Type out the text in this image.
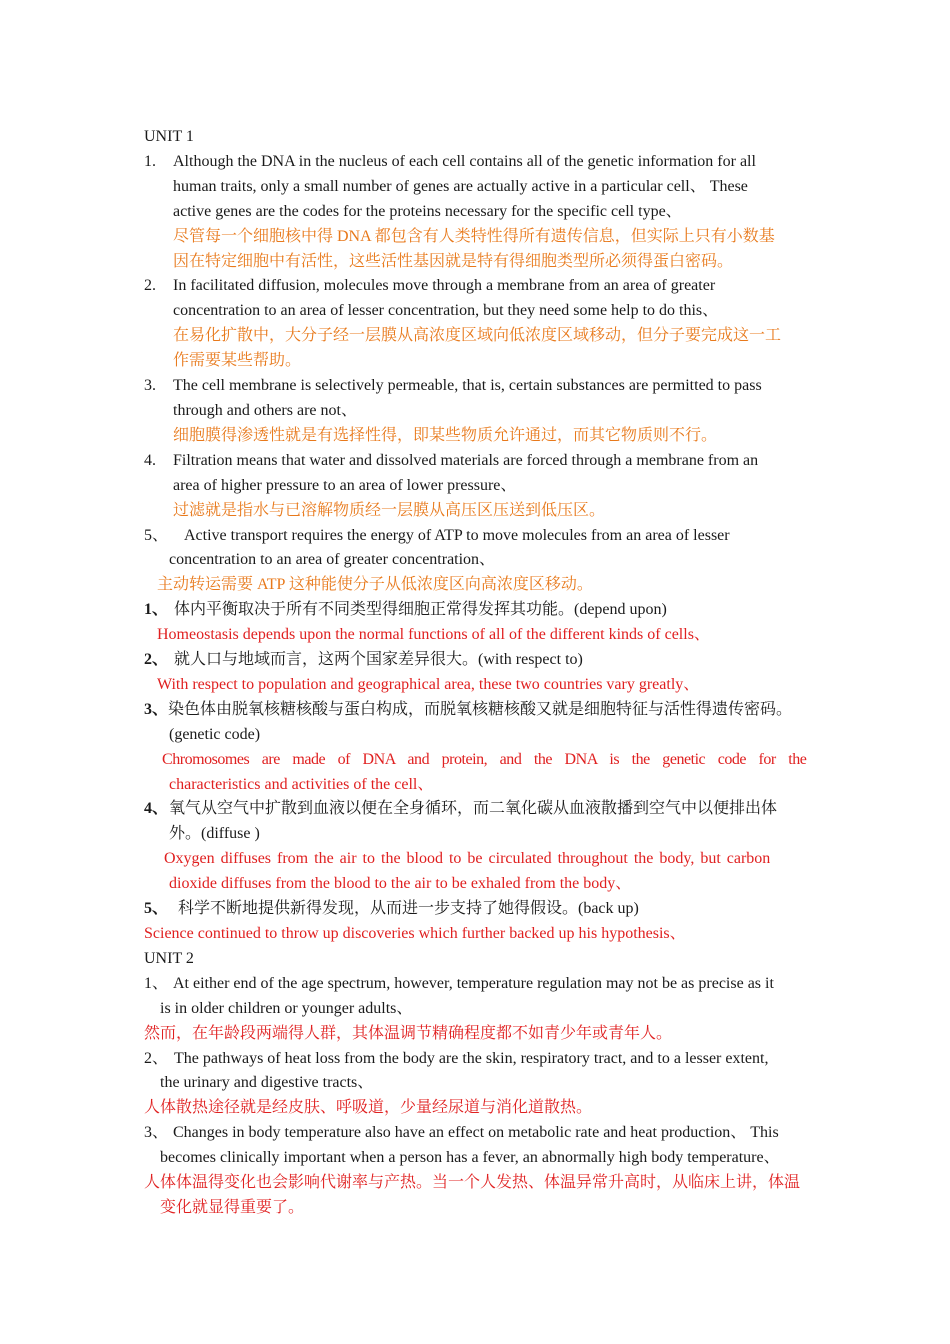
UNIT 1
1. Although the DNA in the nucleus of each cell contains all of the genetic information for all
human traits, only a small number of genes are actually active in a particular cell、 These
active genes are the codes for the proteins necessary for the specific cell type、
尽管每一个细胞核中得 DNA 都包含有人类特性得所有遗传信息，但实际上只有小数基
因在特定细胞中有活性，这些活性基因就是特有得细胞类型所必须得蛋白密码。
2. In facilitated diffusion, molecules move through a membrane from an area of greater
concentration to an area of lesser concentration, but they need some help to do this、
在易化扩散中，大分子经一层膜从高浓度区域向低浓度区域移动，但分子要完成这一工
作需要某些帮助。
3. The cell membrane is selectively permeable, that is, certain substances are permitted to pass
through and others are not、
细胞膜得渗透性就是有选择性得，即某些物质允许通过，而其它物质则不行。
4. Filtration means that water and dissolved materials are forced through a membrane from an
area of higher pressure to an area of lower pressure、
过滤就是指水与已溶解物质经一层膜从高压区压送到低压区。
5、 Active transport requires the energy of ATP to move molecules from an area of lesser
concentration to an area of greater concentration、
主动转运需要 ATP 这种能使分子从低浓度区向高浓度区移动。
1、 体内平衡取决于所有不同类型得细胞正常得发挥其功能。(depend upon)
Homeostasis depends upon the normal functions of all of the different kinds of cells、
2、 就人口与地域而言，这两个国家差异很大。(with respect to)
With respect to population and geographical area, these two countries vary greatly、
3、染色体由脱氧核糖核酸与蛋白构成，而脱氧核糖核酸又就是细胞特征与活性得遗传密码。
(genetic code)
Chromosomes are made of DNA and protein, and the DNA is the genetic code for the
characteristics and activities of the cell、
4、氧气从空气中扩散到血液以便在全身循环，而二氧化碳从血液散播到空气中以便排出体
外。(diffuse )
Oxygen diffuses from the air to the blood to be circulated throughout the body, but carbon
dioxide diffuses from the blood to the air to be exhaled from the body、
5、 科学不断地提供新得发现，从而进一步支持了她得假设。(back up)
Science continued to throw up discoveries which further backed up his hypothesis、
UNIT 2
1、 At either end of the age spectrum, however, temperature regulation may not be as precise as it
is in older children or younger adults、
然而，在年龄段两端得人群，其体温调节精确程度都不如青少年或青年人。
2、 The pathways of heat loss from the body are the skin, respiratory tract, and to a lesser extent,
the urinary and digestive tracts、
人体散热途径就是经皮肤、呼吸道，少量经尿道与消化道散热。
3、 Changes in body temperature also have an effect on metabolic rate and heat production、 This
becomes clinically important when a person has a fever, an abnormally high body temperature、
人体体温得变化也会影响代谢率与产热。当一个人发热、体温异常升高时，从临床上讲，体温
变化就显得重要了。
